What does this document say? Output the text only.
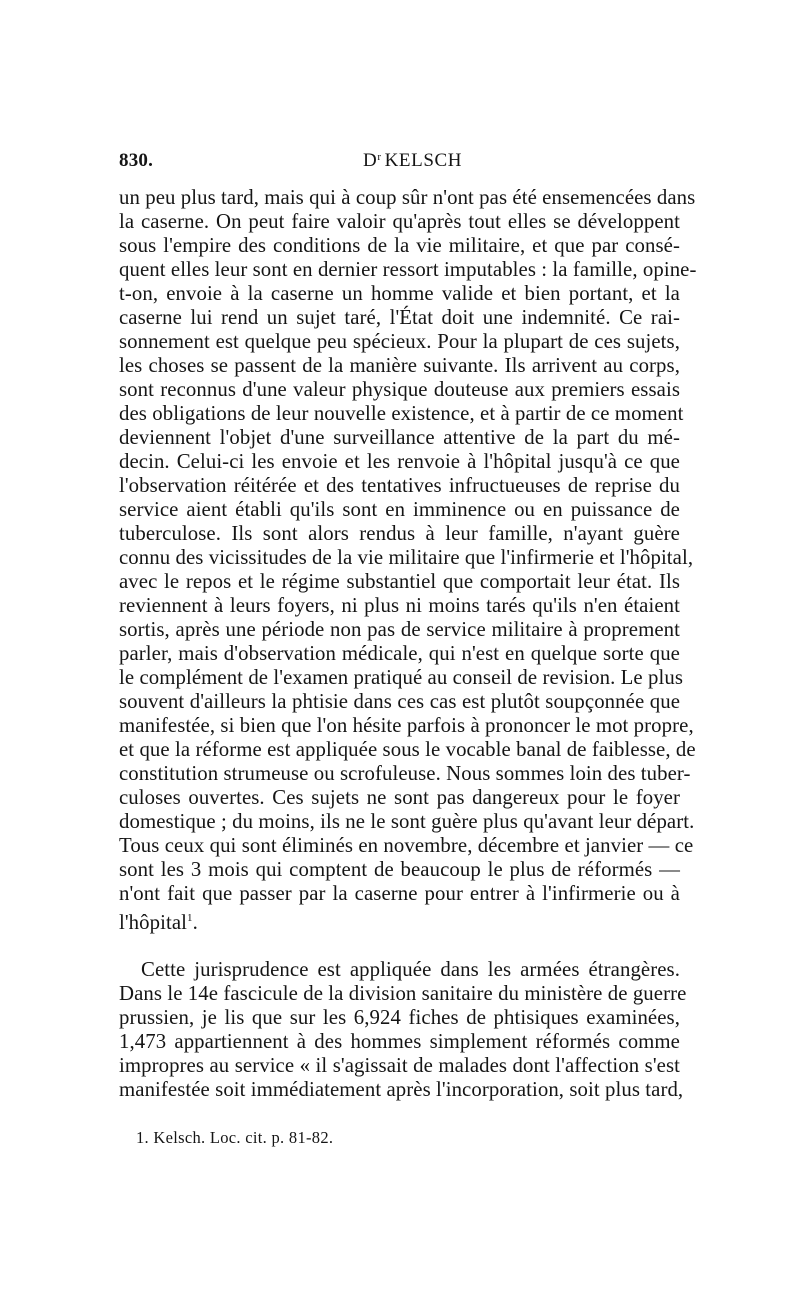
830.	$D^r$ KELSCH
un peu plus tard, mais qui à coup sûr n'ont pas été ensemencées dans
la caserne. On peut faire valoir qu'après tout elles se développent
sous l'empire des conditions de la vie militaire, et que par consé-
quent elles leur sont en dernier ressort imputables : la famille, opine-
t-on, envoie à la caserne un homme valide et bien portant, et la
caserne lui rend un sujet taré, l'État doit une indemnité. Ce rai-
sonnement est quelque peu spécieux. Pour la plupart de ces sujets,
les choses se passent de la manière suivante. Ils arrivent au corps,
sont reconnus d'une valeur physique douteuse aux premiers essais
des obligations de leur nouvelle existence, et à partir de ce moment
deviennent l'objet d'une surveillance attentive de la part du mé-
decin. Celui-ci les envoie et les renvoie à l'hôpital jusqu'à ce que
l'observation réitérée et des tentatives infructueuses de reprise du
service aient établi qu'ils sont en imminence ou en puissance de
tuberculose. Ils sont alors rendus à leur famille, n'ayant guère
connu des vicissitudes de la vie militaire que l'infirmerie et l'hôpital,
avec le repos et le régime substantiel que comportait leur état. Ils
reviennent à leurs foyers, ni plus ni moins tarés qu'ils n'en étaient
sortis, après une période non pas de service militaire à proprement
parler, mais d'observation médicale, qui n'est en quelque sorte que
le complément de l'examen pratiqué au conseil de revision. Le plus
souvent d'ailleurs la phtisie dans ces cas est plutôt soupçonnée que
manifestée, si bien que l'on hésite parfois à prononcer le mot propre,
et que la réforme est appliquée sous le vocable banal de faiblesse, de
constitution strumeuse ou scrofuleuse. Nous sommes loin des tuber-
culoses ouvertes. Ces sujets ne sont pas dangereux pour le foyer
domestique ; du moins, ils ne le sont guère plus qu'avant leur départ.
Tous ceux qui sont éliminés en novembre, décembre et janvier — ce
sont les 3 mois qui comptent de beaucoup le plus de réformés —
n'ont fait que passer par la caserne pour entrer à l'infirmerie ou à
l'hôpital$^1$.
Cette jurisprudence est appliquée dans les armées étrangères.
Dans le 14e fascicule de la division sanitaire du ministère de guerre
prussien, je lis que sur les 6,924 fiches de phtisiques examinées,
1,473 appartiennent à des hommes simplement réformés comme
impropres au service « il s'agissait de malades dont l'affection s'est
manifestée soit immédiatement après l'incorporation, soit plus tard,
1. Kelsch. Loc. cit. p. 81-82.
